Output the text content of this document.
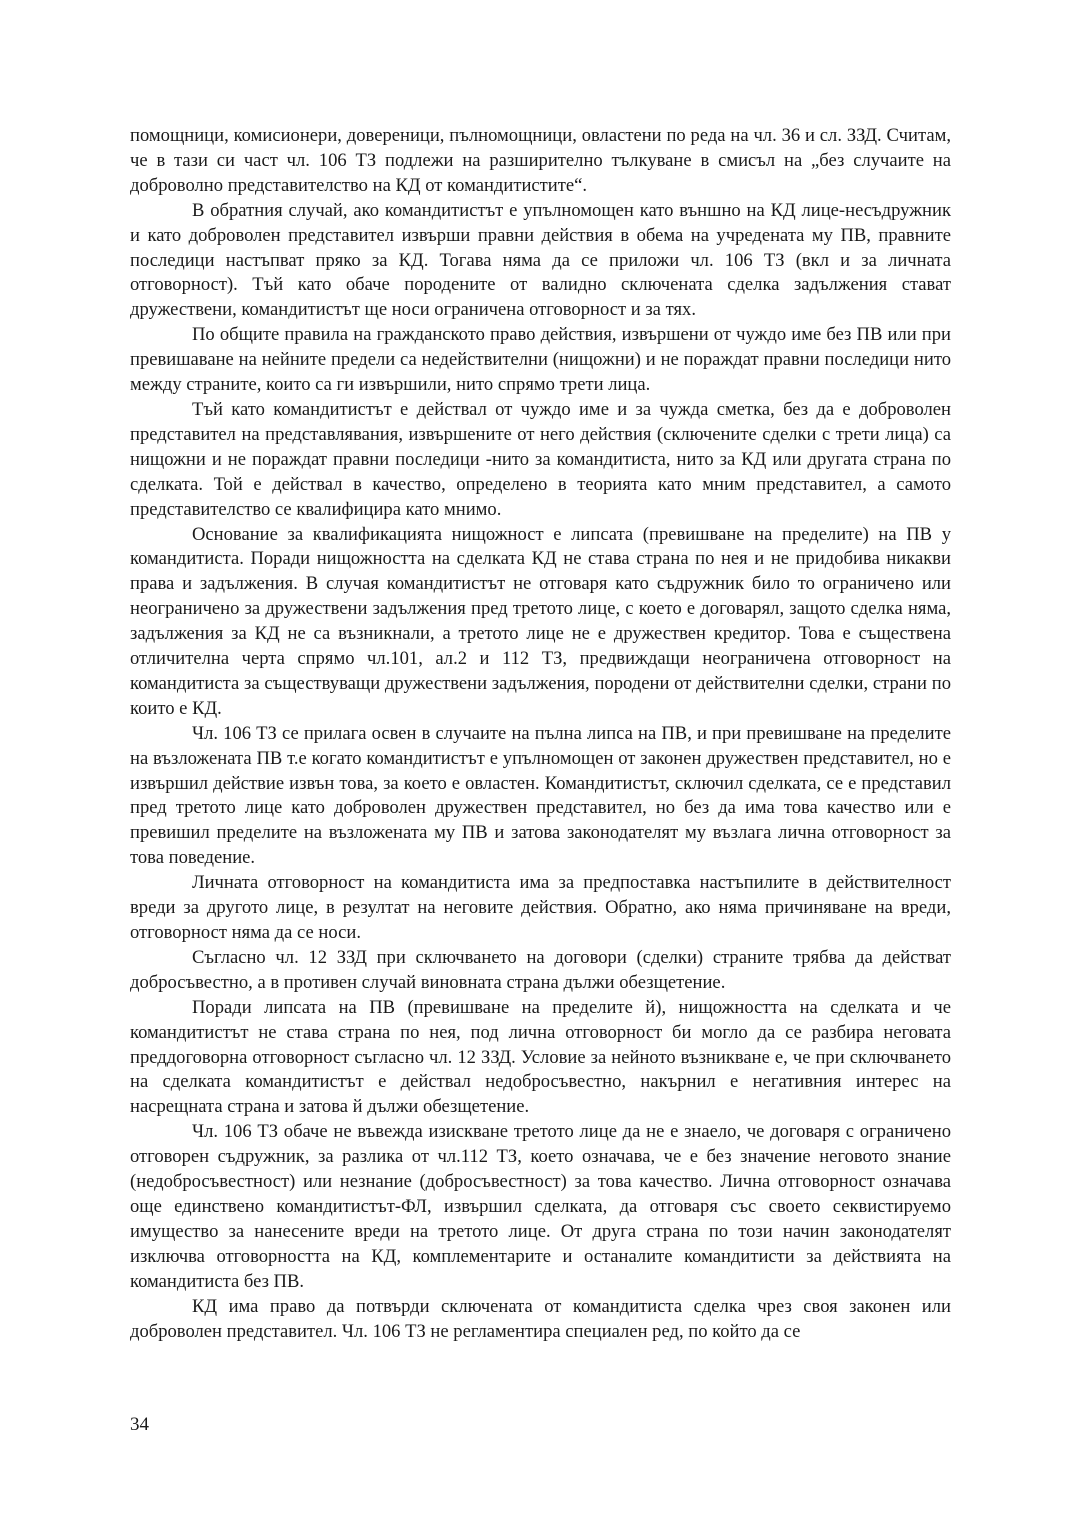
помощници, комисионери, довереници, пълномощници, овластени по реда на чл. 36 и сл. ЗЗД. Считам, че в тази си част чл. 106 ТЗ подлежи на разширително тълкуване в смисъл на „без случаите на доброволно представителство на КД от командитистите“.

В обратния случай, ако командитистът е упълномощен като външно на КД лице-несъдружник и като доброволен представител извърши правни действия в обема на учредената му ПВ, правните последици настъпват пряко за КД. Тогава няма да се приложи чл. 106 ТЗ (вкл и за личната отговорност). Тъй като обаче породените от валидно сключената сделка задължения стават дружествени, командитистът ще носи ограничена отговорност и за тях.

По общите правила на гражданското право действия, извършени от чуждо име без ПВ или при превишаване на нейните предели са недействителни (нищожни) и не пораждат правни последици нито между страните, които са ги извършили, нито спрямо трети лица.

Тъй като командитистът е действал от чуждо име и за чужда сметка, без да е доброволен представител на представлявания, извършените от него действия (сключените сделки с трети лица) са нищожни и не пораждат правни последици -нито за командитиста, нито за КД или другата страна по сделката. Той е действал в качество, определено в теорията като мним представител, а самото представителство се квалифицира като мнимо.

Основание за квалификацията нищожност е липсата (превишване на пределите) на ПВ у командитиста. Поради нищожността на сделката КД не става страна по нея и не придобива никакви права и задължения. В случая командитистът не отговаря като съдружник било то ограничено или неограничено за дружествени задължения пред третото лице, с което е договарял, защото сделка няма, задължения за КД не са възникнали, а третото лице не е дружествен кредитор. Това е съществена отличителна черта спрямо чл.101, ал.2 и 112 ТЗ, предвиждащи неограничена отговорност на командитиста за съществуващи дружествени задължения, породени от действителни сделки, страни по които е КД.

Чл. 106 ТЗ се прилага освен в случаите на пълна липса на ПВ, и при превишване на пределите на възложената ПВ т.е когато командитистът е упълномощен от законен дружествен представител, но е извършил действие извън това, за което е овластен. Командитистът, сключил сделката, се е представил пред третото лице като доброволен дружествен представител, но без да има това качество или е превишил пределите на възложената му ПВ и затова законодателят му възлага лична отговорност за това поведение.

Личната отговорност на командитиста има за предпоставка настъпилите в действителност вреди за другото лице, в резултат на неговите действия. Обратно, ако няма причиняване на вреди, отговорност няма да се носи.

Съгласно чл. 12 ЗЗД при сключването на договори (сделки) страните трябва да действат добросъвестно, а в противен случай виновната страна дължи обезщетение.

Поради липсата на ПВ (превишване на пределите й), нищожността на сделката и че командитистът не става страна по нея, под лична отговорност би могло да се разбира неговата преддоговорна отговорност съгласно чл. 12 ЗЗД. Условие за нейното възникване е, че при сключването на сделката командитистът е действал недобросъвестно, накърнил е негативния интерес на насрещната страна и затова й дължи обезщетение.

Чл. 106 ТЗ обаче не въвежда изискване третото лице да не е знаело, че договаря с ограничено отговорен съдружник, за разлика от чл.112 ТЗ, което означава, че е без значение неговото знание (недобросъвестност) или незнание (добросъвестност) за това качество. Лична отговорност означава още единствено командитистът-ФЛ, извършил сделката, да отговаря със своето секвистируемо имущество за нанесените вреди на третото лице. От друга страна по този начин законодателят изключва отговорността на КД, комплементарите и останалите командитисти за действията на командитиста без ПВ.

КД има право да потвърди сключената от командитиста сделка чрез своя законен или доброволен представител. Чл. 106 ТЗ не регламентира специален ред, по който да се

34
